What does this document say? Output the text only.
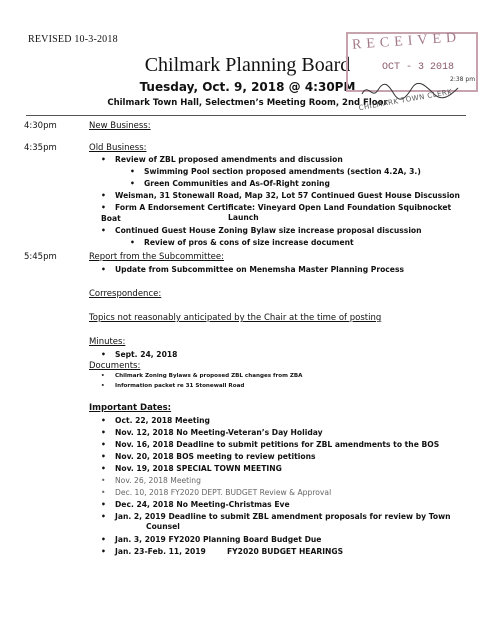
REVISED 10-3-2018
Chilmark Planning Board
Tuesday, Oct. 9, 2018 @ 4:30PM
Chilmark Town Hall, Selectmen’s Meeting Room, 2nd Floor
RECEIVED
OCT - 3 2018
2:38 pm
CHILMARK TOWN CLERK
4:30pm	New Business:
4:35pm	Old Business:
• Review of ZBL proposed amendments and discussion
• Swimming Pool section proposed amendments (section 4.2A, 3.)
• Green Communities and As-Of-Right zoning
• Weisman, 31 Stonewall Road, Map 32, Lot 57 Continued Guest House Discussion
• Form A Endorsement Certificate: Vineyard Open Land Foundation Squibnocket Boat	Launch
• Continued Guest House Zoning Bylaw size increase proposal discussion
• Review of pros & cons of size increase document
5:45pm	Report from the Subcommittee:
• Update from Subcommittee on Menemsha Master Planning Process
Correspondence:
Topics not reasonably anticipated by the Chair at the time of posting
Minutes:
• Sept. 24, 2018
Documents:
• Chilmark Zoning Bylaws & proposed ZBL changes from ZBA
• Information packet re 31 Stonewall Road
Important Dates:
• Oct. 22, 2018 Meeting
• Nov. 12, 2018 No Meeting-Veteran’s Day Holiday
• Nov. 16, 2018 Deadline to submit petitions for ZBL amendments to the BOS
• Nov. 20, 2018 BOS meeting to review petitions
• Nov. 19, 2018 SPECIAL TOWN MEETING
• Nov. 26, 2018 Meeting
• Dec. 10, 2018 FY2020 DEPT. BUDGET Review & Approval
• Dec. 24, 2018 No Meeting-Christmas Eve
• Jan. 2, 2019 Deadline to submit ZBL amendment proposals for review by Town
Counsel
• Jan. 3, 2019 FY2020 Planning Board Budget Due
• Jan. 23-Feb. 11, 2019        FY2020 BUDGET HEARINGS
